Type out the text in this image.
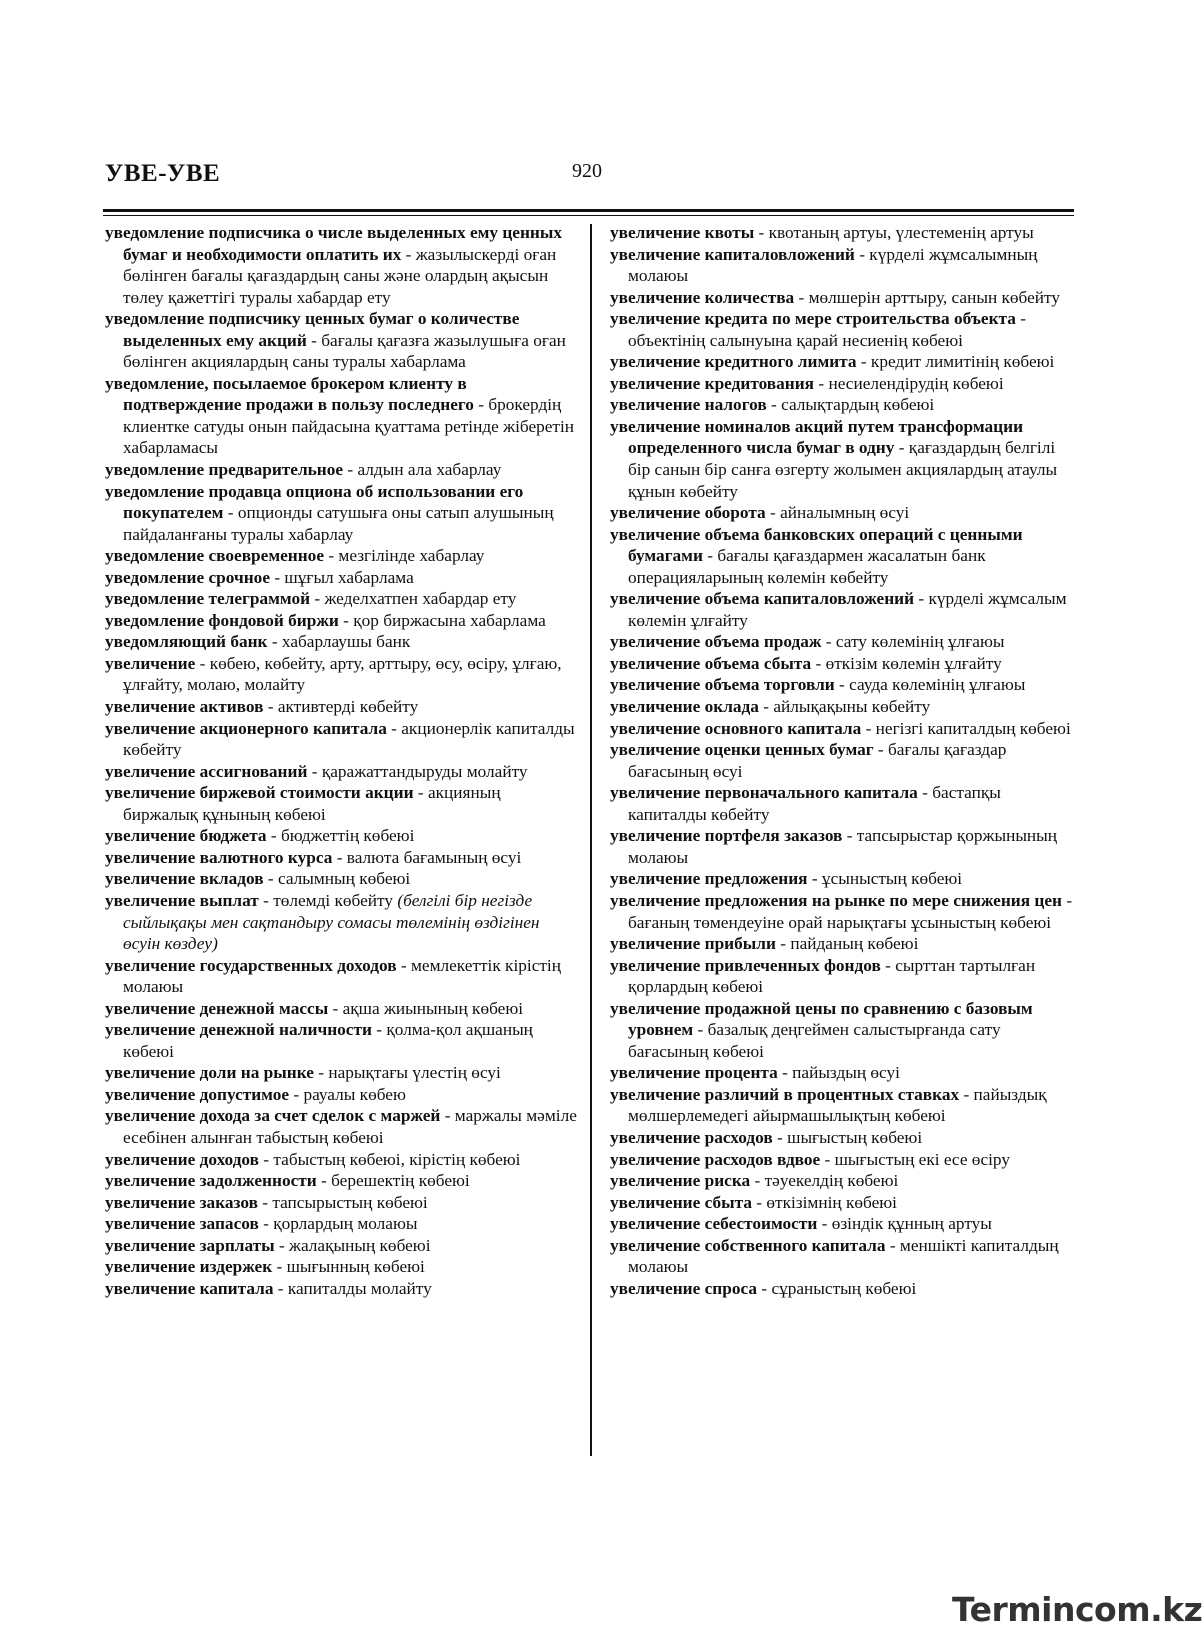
УВЕ-УВЕ	920

уведомление подписчика о числе выделенных ему ценных бумаг и необходимости оплатить их - жазылыскерді оған бөлінген бағалы қағаздардың саны және олардың ақысын төлеу қажеттігі туралы хабардар ету

уведомление подписчику ценных бумаг о количестве выделенных ему акций - бағалы қағазға жазылушыға оған бөлінген акциялардың саны туралы хабарлама

уведомление, посылаемое брокером клиенту в подтверждение продажи в пользу последнего - брокердің клиентке сатуды онын пайдасына қуаттама ретінде жіберетін хабарламасы

уведомление предварительное - алдын ала хабарлау

уведомление продавца опциона об использовании его покупателем - опционды сатушыға оны сатып алушының пайдаланғаны туралы хабарлау

уведомление своевременное - мезгілінде хабарлау

уведомление срочное - шұғыл хабарлама

уведомление телеграммой - жеделхатпен хабардар ету

уведомление фондовой биржи - қор биржасына хабарлама

уведомляющий банк - хабарлаушы банк

увеличение - көбею, көбейту, арту, арттыру, өсу, өсіру, ұлғаю, ұлғайту, молаю, молайту

увеличение активов - активтерді көбейту

увеличение акционерного капитала - акционерлік капиталды көбейту

увеличение ассигнований - қаражаттандыруды молайту

увеличение биржевой стоимости акции - акцияның биржалық құнының көбеюі

увеличение бюджета - бюджеттің көбеюі

увеличение валютного курса - валюта бағамының өсуі

увеличение вкладов - салымның көбеюі

увеличение выплат - төлемді көбейту (белгілі бір негізде сыйлықақы мен сақтандыру сомасы төлемінің өздігінен өсуін көздеу)

увеличение государственных доходов - мемлекеттік кірістің молаюы

увеличение денежной массы - ақша жиынының көбеюі

увеличение денежной наличности - қолма-қол ақшаның көбеюі

увеличение доли на рынке - нарықтағы үлестің өсуі

увеличение допустимое - рауалы көбею

увеличение дохода за счет сделок с маржей - маржалы мәміле есебінен алынған табыстың көбеюі

увеличение доходов - табыстың көбеюі, кірістің көбеюі

увеличение задолженности - берешектің көбеюі

увеличение заказов - тапсырыстың көбеюі

увеличение запасов - қорлардың молаюы

увеличение зарплаты - жалақының көбеюі

увеличение издержек - шығынның көбеюі

увеличение капитала - капиталды молайту

увеличение квоты - квотаның артуы, үлестеменің артуы

увеличение капиталовложений - күрделі жұмсалымның молаюы

увеличение количества - мөлшерін арттыру, санын көбейту

увеличение кредита по мере строительства объекта - объектінің салынуына қарай несиенің көбеюі

увеличение кредитного лимита - кредит лимитінің көбеюі

увеличение кредитования - несиелендірудің көбеюі

увеличение налогов - салықтардың көбеюі

увеличение номиналов акций путем трансформации определенного числа бумаг в одну - қағаздардың белгілі бір санын бір санға өзгерту жолымен акциялардың атаулы құнын көбейту

увеличение оборота - айналымның өсуі

увеличение объема банковских операций с ценными бумагами - бағалы қағаздармен жасалатын банк операцияларының көлемін көбейту

увеличение объема капиталовложений - күрделі жұмсалым көлемін ұлғайту

увеличение объема продаж - сату көлемінің ұлғаюы

увеличение объема сбыта - өткізім көлемін ұлғайту

увеличение объема торговли - сауда көлемінің ұлғаюы

увеличение оклада - айлықақыны көбейту

увеличение основного капитала - негізгі капиталдың көбеюі

увеличение оценки ценных бумаг - бағалы қағаздар бағасының өсуі

увеличение первоначального капитала - бастапқы капиталды көбейту

увеличение портфеля заказов - тапсырыстар қоржынының молаюы

увеличение предложения - ұсыныстың көбеюі

увеличение предложения на рынке по мере снижения цен - бағаның төмендеуіне орай нарықтағы ұсыныстың көбеюі

увеличение прибыли - пайданың көбеюі

увеличение привлеченных фондов - сырттан тартылған қорлардың көбеюі

увеличение продажной цены по сравнению с базовым уровнем - базалық деңгеймен салыстырғанда сату бағасының көбеюі

увеличение процента - пайыздың өсуі

увеличение различий в процентных ставках - пайыздық мөлшерлемедегі айырмашылықтың көбеюі

увеличение расходов - шығыстың көбеюі

увеличение расходов вдвое - шығыстың екі есе өсіру

увеличение риска - тәуекелдің көбеюі

увеличение сбыта - өткізімнің көбеюі

увеличение себестоимости - өзіндік құнның артуы

увеличение собственного капитала - меншікті капиталдың молаюы

увеличение спроса - сұраныстың көбеюі

Termincom.kz
